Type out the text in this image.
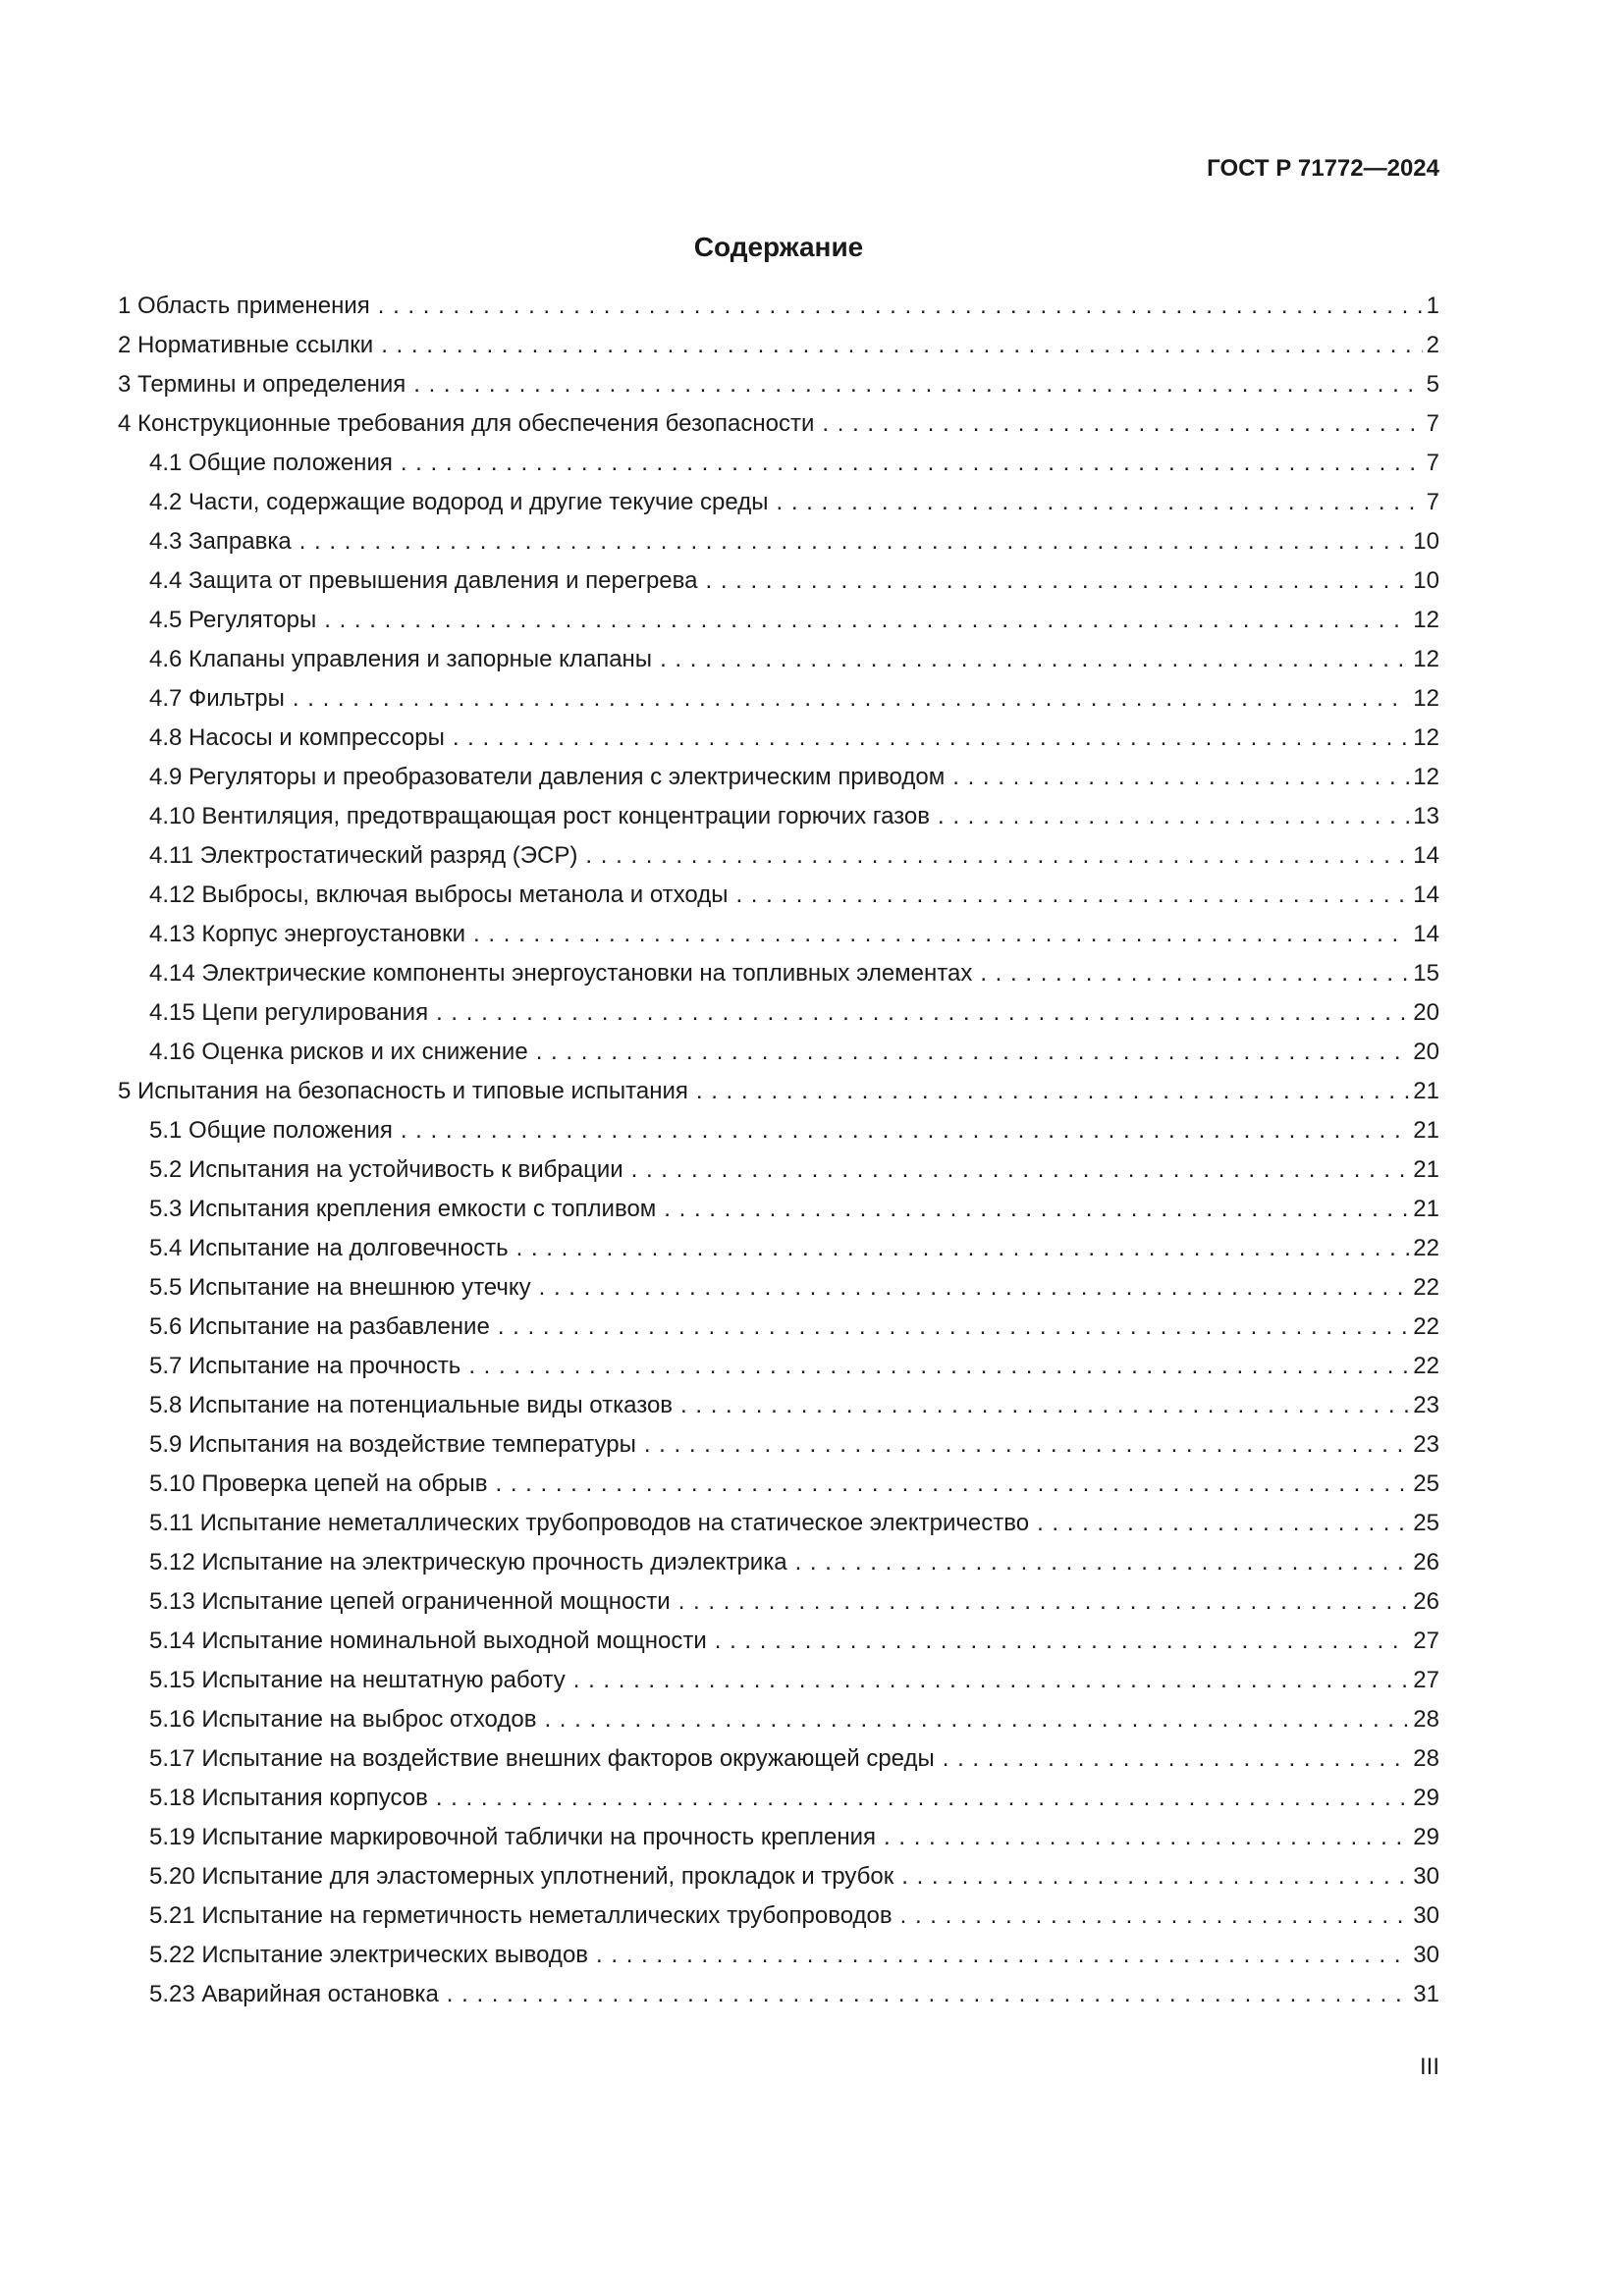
ГОСТ Р 71772—2024
Содержание
1 Область применения . . .	1
2 Нормативные ссылки . . .	2
3 Термины и определения . . .	5
4 Конструкционные требования для обеспечения безопасности . . .	7
4.1 Общие положения . . .	7
4.2 Части, содержащие водород и другие текучие среды . . .	7
4.3 Заправка . . .	10
4.4 Защита от превышения давления и перегрева . . .	10
4.5 Регуляторы . . .	12
4.6 Клапаны управления и запорные клапаны . . .	12
4.7 Фильтры . . .	12
4.8 Насосы и компрессоры . . .	12
4.9 Регуляторы и преобразователи давления с электрическим приводом . . .	12
4.10 Вентиляция, предотвращающая рост концентрации горючих газов . . .	13
4.11 Электростатический разряд (ЭСР) . . .	14
4.12 Выбросы, включая выбросы метанола и отходы . . .	14
4.13 Корпус энергоустановки . . .	14
4.14 Электрические компоненты энергоустановки на топливных элементах . . .	15
4.15 Цепи регулирования . . .	20
4.16 Оценка рисков и их снижение . . .	20
5 Испытания на безопасность и типовые испытания . . .	21
5.1 Общие положения . . .	21
5.2 Испытания на устойчивость к вибрации . . .	21
5.3 Испытания крепления емкости с топливом . . .	21
5.4 Испытание на долговечность . . .	22
5.5 Испытание на внешнюю утечку . . .	22
5.6 Испытание на разбавление . . .	22
5.7 Испытание на прочность . . .	22
5.8 Испытание на потенциальные виды отказов . . .	23
5.9 Испытания на воздействие температуры . . .	23
5.10 Проверка цепей на обрыв . . .	25
5.11 Испытание неметаллических трубопроводов на статическое электричество . . .	25
5.12 Испытание на электрическую прочность диэлектрика . . .	26
5.13 Испытание цепей ограниченной мощности . . .	26
5.14 Испытание номинальной выходной мощности . . .	27
5.15 Испытание на нештатную работу . . .	27
5.16 Испытание на выброс отходов . . .	28
5.17 Испытание на воздействие внешних факторов окружающей среды . . .	28
5.18 Испытания корпусов . . .	29
5.19 Испытание маркировочной таблички на прочность крепления . . .	29
5.20 Испытание для эластомерных уплотнений, прокладок и трубок . . .	30
5.21 Испытание на герметичность неметаллических трубопроводов . . .	30
5.22 Испытание электрических выводов . . .	30
5.23 Аварийная остановка . . .	31
III
